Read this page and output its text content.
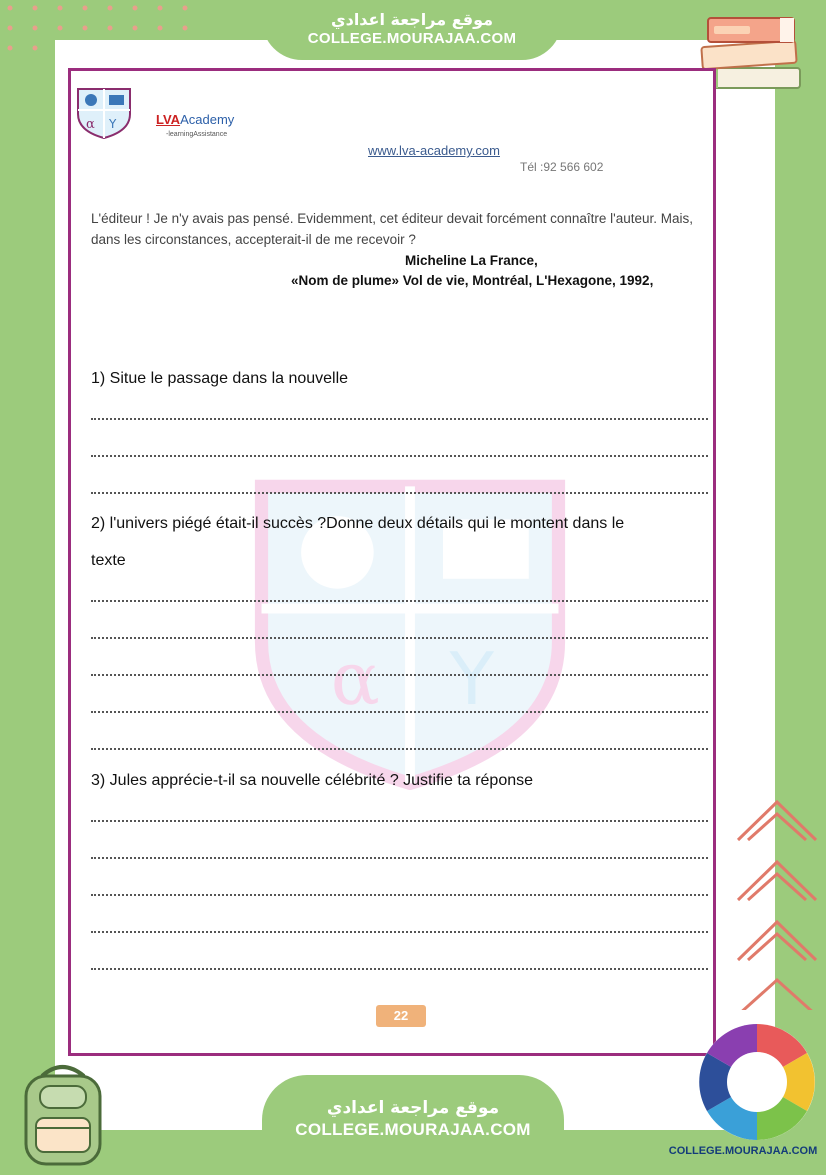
موقع مراجعة اعدادي
COLLEGE.MOURAJAA.COM
α	Y
α Y	LVAAcademy
-learningAssistance
www.lva-academy.com
Tél :92 566 602
L'éditeur ! Je n'y avais pas pensé. Evidemment, cet éditeur devait forcément connaître l'auteur. Mais, dans les circonstances, accepterait-il de me recevoir ?
Micheline La France,
«Nom de plume» Vol de vie, Montréal, L'Hexagone, 1992,
1) Situe le passage dans la nouvelle
2) l'univers piégé était-il succès ?Donne deux détails qui le montent dans le
texte
3) Jules apprécie-t-il sa nouvelle célébrité ? Justifie ta réponse
22
موقع مراجعة اعدادي
COLLEGE.MOURAJAA.COM
COLLEGE.MOURAJAA.COM
